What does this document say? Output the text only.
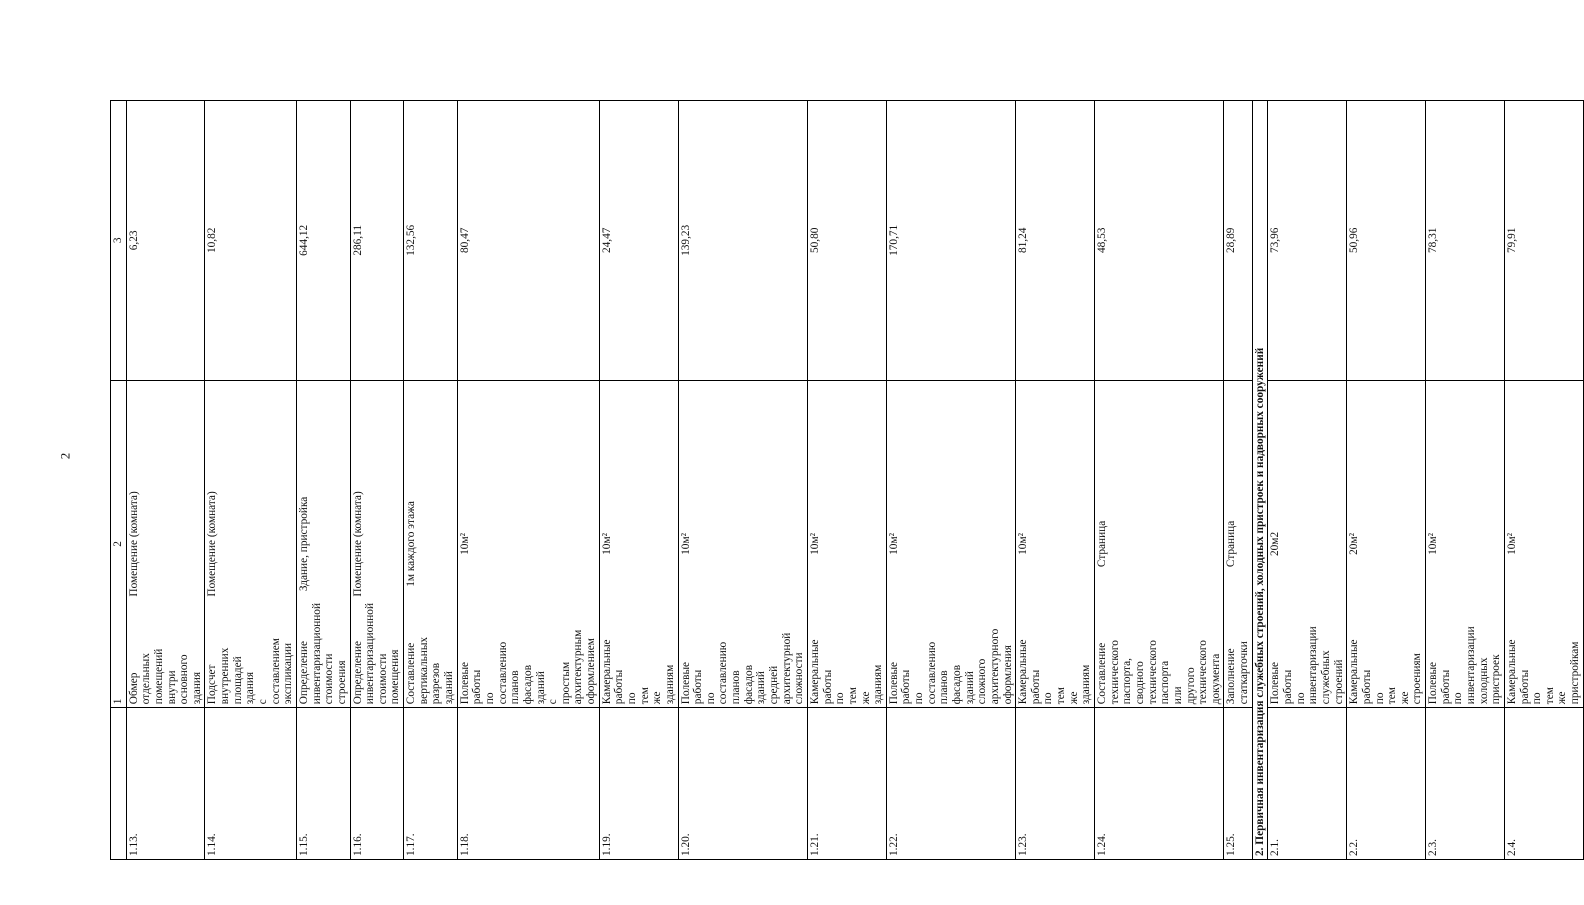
2
	1	2	3
1.13.	Обмер отдельных помещений внутри основного здания	Помещение (комната)	6,23
1.14.	Подсчет внутренних площадей здания с составлением экспликации	Помещение (комната)	10,82
1.15.	Определение инвентаризационной стоимости строения	Здание, пристройка	644,12
1.16.	Определение инвентаризационной стоимости помещения	Помещение (комната)	286,11
1.17.	Составление вертикальных разрезов зданий	1м каждого этажа	132,56
1.18.	Полевые работы по составлению планов фасадов зданий с простым архитектурным оформлением	10м²	80,47
1.19.	Камеральные работы по тем же зданиям	10м²	24,47
1.20.	Полевые работы по составлению планов фасадов зданий средней архитектурной сложности	10м²	139,23
1.21.	Камеральные работы по тем же зданиям	10м²	50,80
1.22.	Полевые работы по составлению планов фасадов зданий сложного архитектурного оформления	10м²	170,71
1.23.	Камеральные работы по тем же зданиям	10м²	81,24
1.24.	Составление технического паспорта, сводного технического паспорта или другого технического документа	Страница	48,53
1.25.	Заполнение статкарточки	Страница	28,89
2. Первичная инвентаризация служебных строений, холодных пристроек и надворных сооружений		
2.1.	Полевые работы по инвентаризации служебных строений	20м2	73,96
2.2.	Камеральные работы по тем же строениям	20м²	50,96
2.3.	Полевые работы по инвентаризации холодных пристроек	10м²	78,31
2.4.	Камеральные работы по тем же пристройкам	10м²	79,91
